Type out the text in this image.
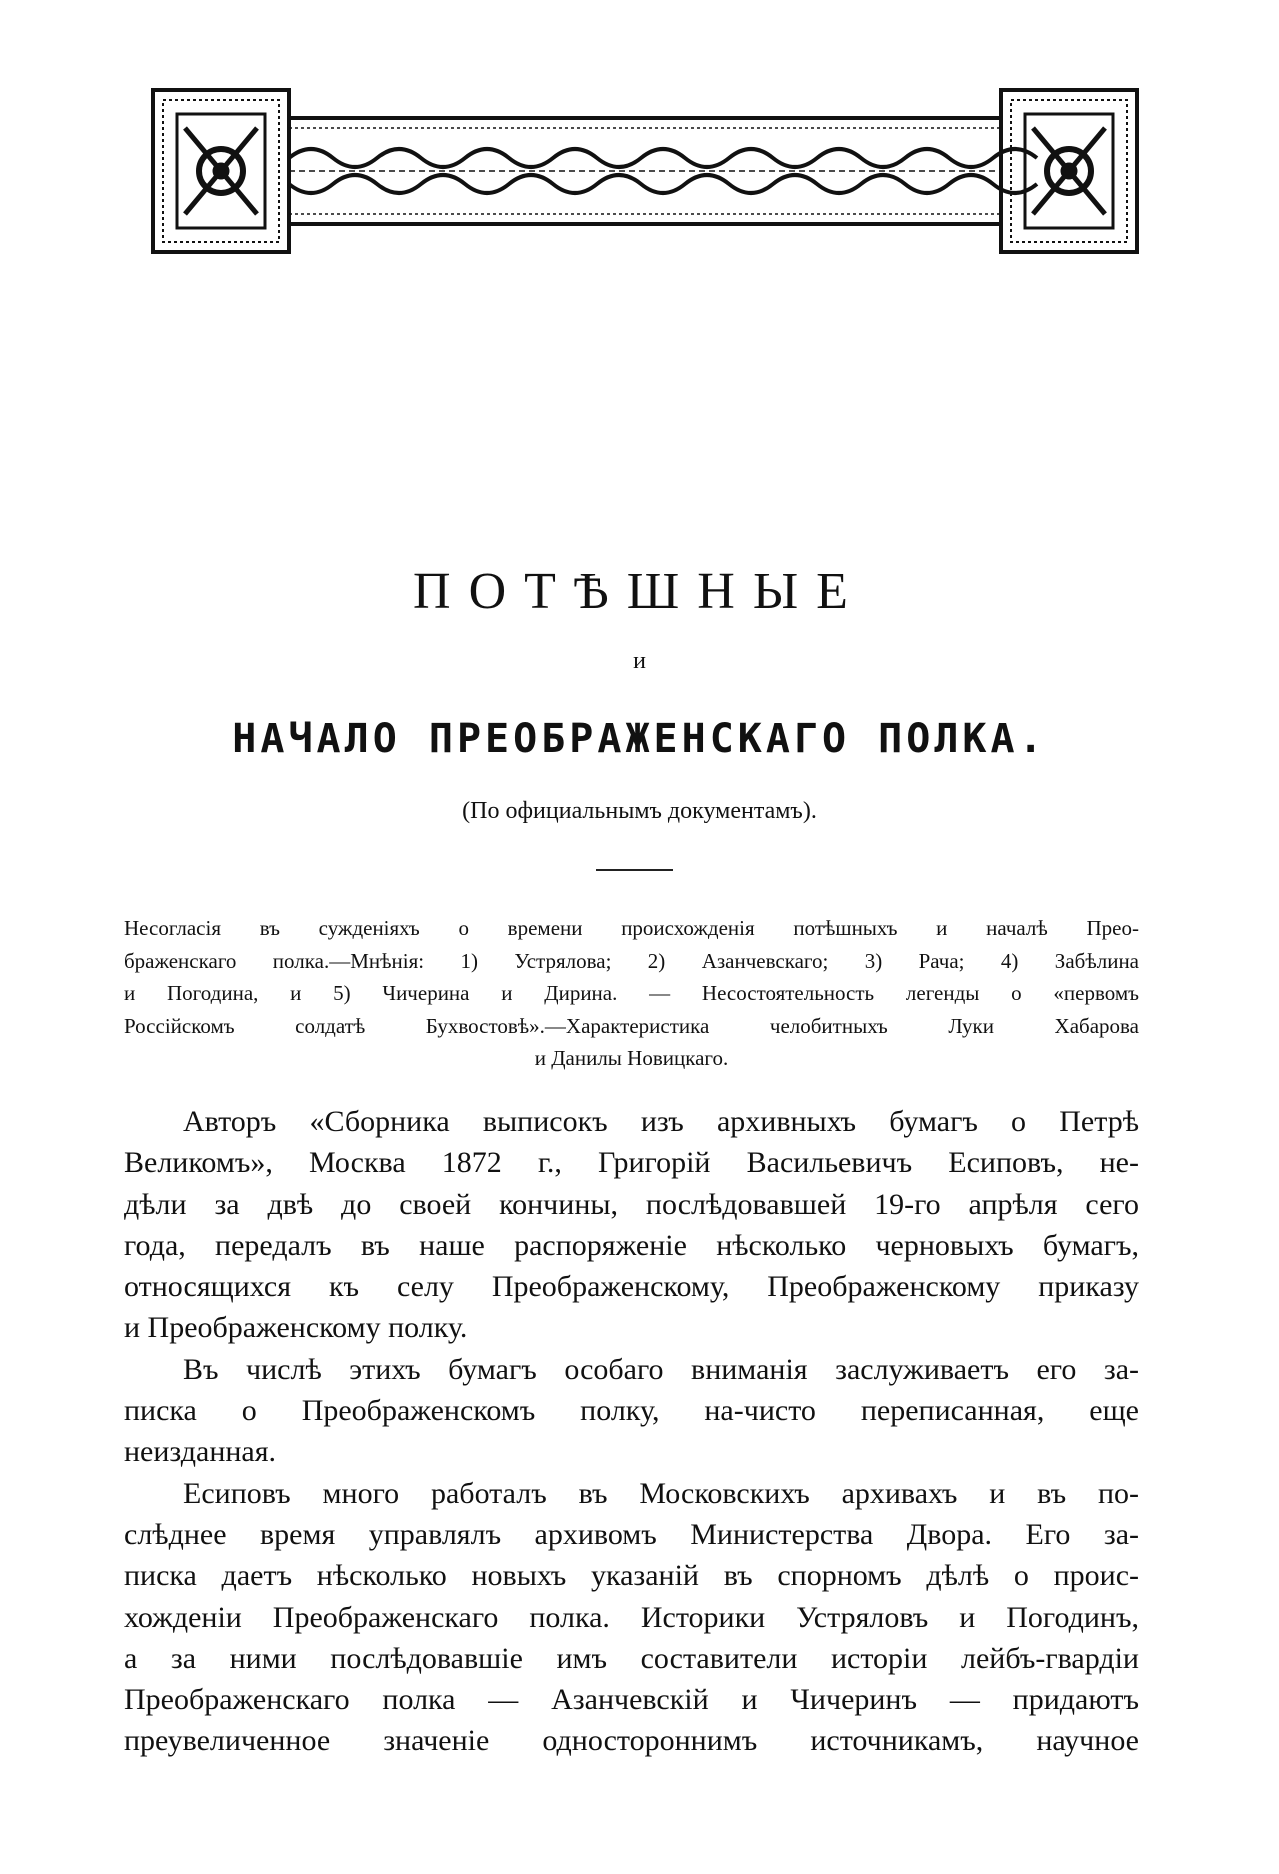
ПОТѢШНЫЕ
и
НАЧАЛО ПРЕОБРАЖЕНСКАГО ПОЛКА.
(По официальнымъ документамъ).
Несогласія въ сужденіяхъ о времени происхожденія потѣшныхъ и началѣ Прео-
браженскаго полка.—Мнѣнія: 1) Устрялова; 2) Азанчевскаго; 3) Рача; 4) Забѣлина
и Погодина, и 5) Чичерина и Дирина. — Несостоятельность легенды о «первомъ
Россійскомъ солдатѣ Бухвостовѣ».—Характеристика челобитныхъ Луки Хабарова
и Данилы Новицкаго.
Авторъ «Сборника выписокъ изъ архивныхъ бумагъ о Петрѣ
Великомъ», Москва 1872 г., Григорій Васильевичъ Есиповъ, не-
дѣли за двѣ до своей кончины, послѣдовавшей 19-го апрѣля сего
года, передалъ въ наше распоряженіе нѣсколько черновыхъ бумагъ,
относящихся къ селу Преображенскому, Преображенскому приказу
и Преображенскому полку.
Въ числѣ этихъ бумагъ особаго вниманія заслуживаетъ его за-
писка о Преображенскомъ полку, на-чисто переписанная, еще
неизданная.
Есиповъ много работалъ въ Московскихъ архивахъ и въ по-
слѣднее время управлялъ архивомъ Министерства Двора. Его за-
писка даетъ нѣсколько новыхъ указаній въ спорномъ дѣлѣ о проис-
хожденіи Преображенскаго полка. Историки Устряловъ и Погодинъ,
а за ними послѣдовавшіе имъ составители исторіи лейбъ-гвардіи
Преображенскаго полка — Азанчевскій и Чичеринъ — придаютъ
преувеличенное значеніе одностороннимъ источникамъ, научное
